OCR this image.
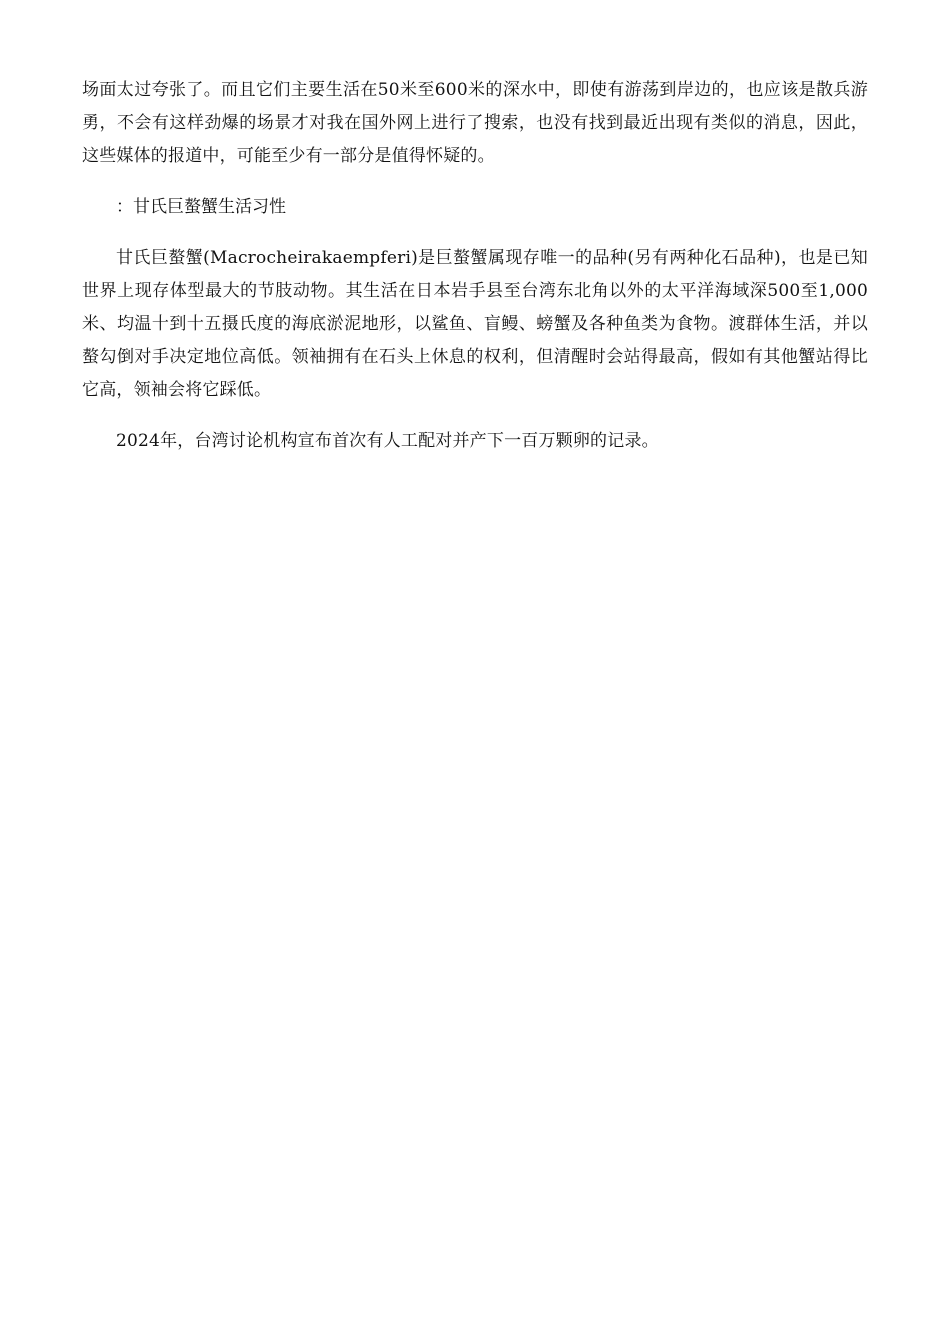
场面太过夸张了。而且它们主要生活在50米至600米的深水中，即使有游荡到岸边的，也应该是散兵游勇，不会有这样劲爆的场景才对我在国外网上进行了搜索，也没有找到最近出现有类似的消息，因此，这些媒体的报道中，可能至少有一部分是值得怀疑的。

：甘氏巨螯蟹生活习性

甘氏巨螯蟹(Macrocheirakaempferi)是巨螯蟹属现存唯一的品种(另有两种化石品种)，也是已知世界上现存体型最大的节肢动物。其生活在日本岩手县至台湾东北角以外的太平洋海域深500至1,000米、均温十到十五摄氏度的海底淤泥地形，以鲨鱼、盲鳗、螃蟹及各种鱼类为食物。渡群体生活，并以螯勾倒对手决定地位高低。领袖拥有在石头上休息的权利，但清醒时会站得最高，假如有其他蟹站得比它高，领袖会将它踩低。

2024年，台湾讨论机构宣布首次有人工配对并产下一百万颗卵的记录。
